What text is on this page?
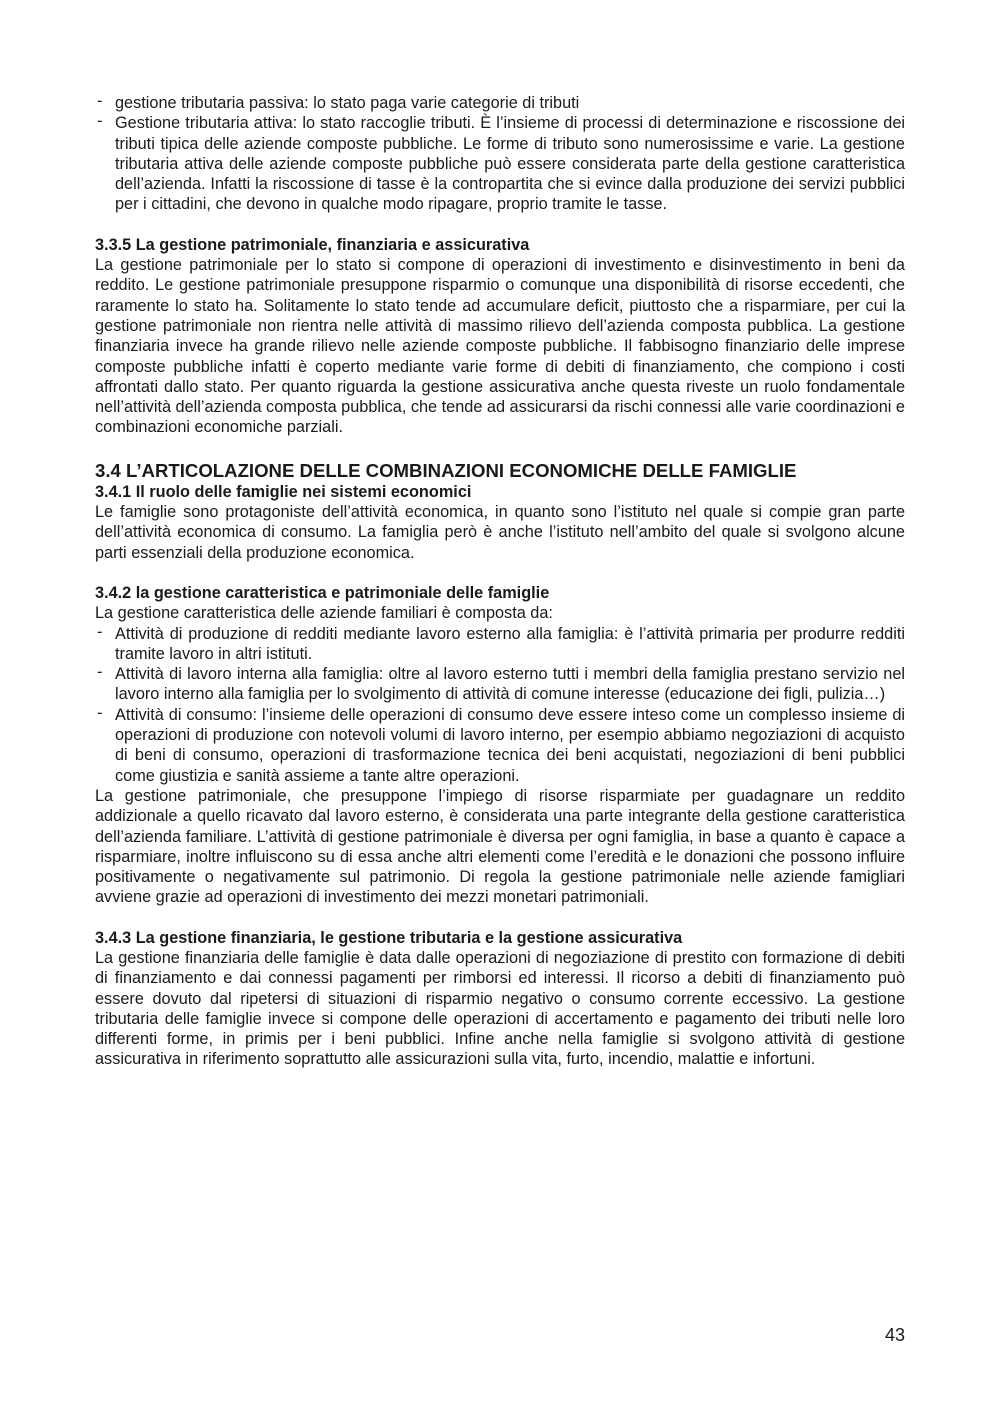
- gestione tributaria passiva: lo stato paga varie categorie di tributi
- Gestione tributaria attiva: lo stato raccoglie tributi. È l’insieme di processi di determinazione e riscossione dei tributi tipica delle aziende composte pubbliche. Le forme di tributo sono numerosissime e varie. La gestione tributaria attiva delle aziende composte pubbliche può essere considerata parte della gestione caratteristica dell’azienda. Infatti la riscossione di tasse è la contropartita che si evince dalla produzione dei servizi pubblici per i cittadini, che devono in qualche modo ripagare, proprio tramite le tasse.
3.3.5 La gestione patrimoniale, finanziaria e assicurativa

La gestione patrimoniale per lo stato si compone di operazioni di investimento e disinvestimento in beni da reddito. Le gestione patrimoniale presuppone risparmio o comunque una disponibilità di risorse eccedenti, che raramente lo stato ha. Solitamente lo stato tende ad accumulare deficit, piuttosto che a risparmiare, per cui la gestione patrimoniale non rientra nelle attività di massimo rilievo dell’azienda composta pubblica. La gestione finanziaria invece ha grande rilievo nelle aziende composte pubbliche. Il fabbisogno finanziario delle imprese composte pubbliche infatti è coperto mediante varie forme di debiti di finanziamento, che compiono i costi affrontati dallo stato. Per quanto riguarda la gestione assicurativa anche questa riveste un ruolo fondamentale nell’attività dell’azienda composta pubblica, che tende ad assicurarsi da rischi connessi alle varie coordinazioni e combinazioni economiche parziali.

3.4 L’ARTICOLAZIONE DELLE COMBINAZIONI ECONOMICHE DELLE FAMIGLIE
3.4.1 Il ruolo delle famiglie nei sistemi economici

Le famiglie sono protagoniste dell’attività economica, in quanto sono l’istituto nel quale si compie gran parte dell’attività economica di consumo. La famiglia però è anche l’istituto nell’ambito del quale si svolgono alcune parti essenziali della produzione economica.

3.4.2 la gestione caratteristica e patrimoniale delle famiglie

La gestione caratteristica delle aziende familiari è composta da:

- Attività di produzione di redditi mediante lavoro esterno alla famiglia: è l’attività primaria per produrre redditi tramite lavoro in altri istituti.
- Attività di lavoro interna alla famiglia: oltre al lavoro esterno tutti i membri della famiglia prestano servizio nel lavoro interno alla famiglia per lo svolgimento di attività di comune interesse (educazione dei figli, pulizia…)
- Attività di consumo: l’insieme delle operazioni di consumo deve essere inteso come un complesso insieme di operazioni di produzione con notevoli volumi di lavoro interno, per esempio abbiamo negoziazioni di acquisto di beni di consumo, operazioni di trasformazione tecnica dei beni acquistati, negoziazioni di beni pubblici come giustizia e sanità assieme a tante altre operazioni.

La gestione patrimoniale, che presuppone l’impiego di risorse risparmiate per guadagnare un reddito addizionale a quello ricavato dal lavoro esterno, è considerata una parte integrante della gestione caratteristica dell’azienda familiare. L’attività di gestione patrimoniale è diversa per ogni famiglia, in base a quanto è capace a risparmiare, inoltre influiscono su di essa anche altri elementi come l’eredità e le donazioni che possono influire positivamente o negativamente sul patrimonio. Di regola la gestione patrimoniale nelle aziende famigliari avviene grazie ad operazioni di investimento dei mezzi monetari patrimoniali.

3.4.3 La gestione finanziaria, le gestione tributaria e la gestione assicurativa

La gestione finanziaria delle famiglie è data dalle operazioni di negoziazione di prestito con formazione di debiti di finanziamento e dai connessi pagamenti per rimborsi ed interessi. Il ricorso a debiti di finanziamento può essere dovuto dal ripetersi di situazioni di risparmio negativo o consumo corrente eccessivo. La gestione tributaria delle famiglie invece si compone delle operazioni di accertamento e pagamento dei tributi nelle loro differenti forme, in primis per i beni pubblici. Infine anche nella famiglie si svolgono attività di gestione assicurativa in riferimento soprattutto alle assicurazioni sulla vita, furto, incendio, malattie e infortuni.

43
